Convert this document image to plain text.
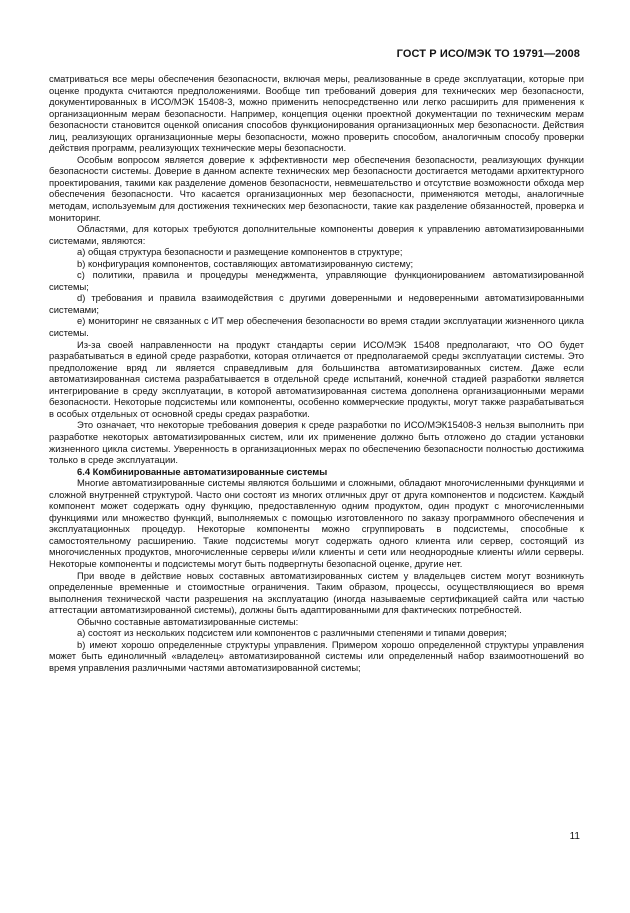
ГОСТ Р ИСО/МЭК ТО 19791—2008

сматриваться все меры обеспечения безопасности, включая меры, реализованные в среде эксплуатации, которые при оценке продукта считаются предположениями. Вообще тип требований доверия для технических мер безопасности, документированных в ИСО/МЭК 15408-3, можно применить непосредственно или легко расширить для применения к организационным мерам безопасности. Например, концепция оценки проектной документации по техническим мерам безопасности становится оценкой описания способов функционирования организационных мер безопасности. Действия лиц, реализующих организационные меры безопасности, можно проверить способом, аналогичным способу проверки действия программ, реализующих технические меры безопасности.

Особым вопросом является доверие к эффективности мер обеспечения безопасности, реализующих функции безопасности системы. Доверие в данном аспекте технических мер безопасности достигается методами архитектурного проектирования, такими как разделение доменов безопасности, невмешательство и отсутствие возможности обхода мер обеспечения безопасности. Что касается организационных мер безопасности, применяются методы, аналогичные методам, используемым для достижения технических мер безопасности, такие как разделение обязанностей, проверка и мониторинг.

Областями, для которых требуются дополнительные компоненты доверия к управлению автоматизированными системами, являются:

a) общая структура безопасности и размещение компонентов в структуре;

b) конфигурация компонентов, составляющих автоматизированную систему;

c) политики, правила и процедуры менеджмента, управляющие функционированием автоматизированной системы;

d) требования и правила взаимодействия с другими доверенными и недоверенными автоматизированными системами;

e) мониторинг не связанных с ИТ мер обеспечения безопасности во время стадии эксплуатации жизненного цикла системы.

Из-за своей направленности на продукт стандарты серии ИСО/МЭК 15408 предполагают, что ОО будет разрабатываться в единой среде разработки, которая отличается от предполагаемой среды эксплуатации системы. Это предположение вряд ли является справедливым для большинства автоматизированных систем. Даже если автоматизированная система разрабатывается в отдельной среде испытаний, конечной стадией разработки является интегрирование в среду эксплуатации, в которой автоматизированная система дополнена организационными мерами безопасности. Некоторые подсистемы или компоненты, особенно коммерческие продукты, могут также разрабатываться в особых отдельных от основной среды средах разработки.

Это означает, что некоторые требования доверия к среде разработки по ИСО/МЭК15408-3 нельзя выполнить при разработке некоторых автоматизированных систем, или их применение должно быть отложено до стадии установки жизненного цикла системы. Уверенность в организационных мерах по обеспечению безопасности полностью достижима только в среде эксплуатации.

6.4 Комбинированные автоматизированные системы

Многие автоматизированные системы являются большими и сложными, обладают многочисленными функциями и сложной внутренней структурой. Часто они состоят из многих отличных друг от друга компонентов и подсистем. Каждый компонент может содержать одну функцию, предоставленную одним продуктом, один продукт с многочисленными функциями или множество функций, выполняемых с помощью изготовленного по заказу программного обеспечения и эксплуатационных процедур. Некоторые компоненты можно сгруппировать в подсистемы, способные к самостоятельному расширению. Такие подсистемы могут содержать одного клиента или сервер, состоящий из многочисленных продуктов, многочисленные серверы и/или клиенты и сети или неоднородные клиенты и/или серверы. Некоторые компоненты и подсистемы могут быть подвергнуты безопасной оценке, другие нет.

При вводе в действие новых составных автоматизированных систем у владельцев систем могут возникнуть определенные временные и стоимостные ограничения. Таким образом, процессы, осуществляющиеся во время выполнения технической части разрешения на эксплуатацию (иногда называемые сертификацией сайта или частью аттестации автоматизированной системы), должны быть адаптированными для фактических потребностей.

Обычно составные автоматизированные системы:

a) состоят из нескольких подсистем или компонентов с различными степенями и типами доверия;

b) имеют хорошо определенные структуры управления. Примером хорошо определенной структуры управления может быть единоличный «владелец» автоматизированной системы или определенный набор взаимоотношений во время управления различными частями автоматизированной системы;

11
